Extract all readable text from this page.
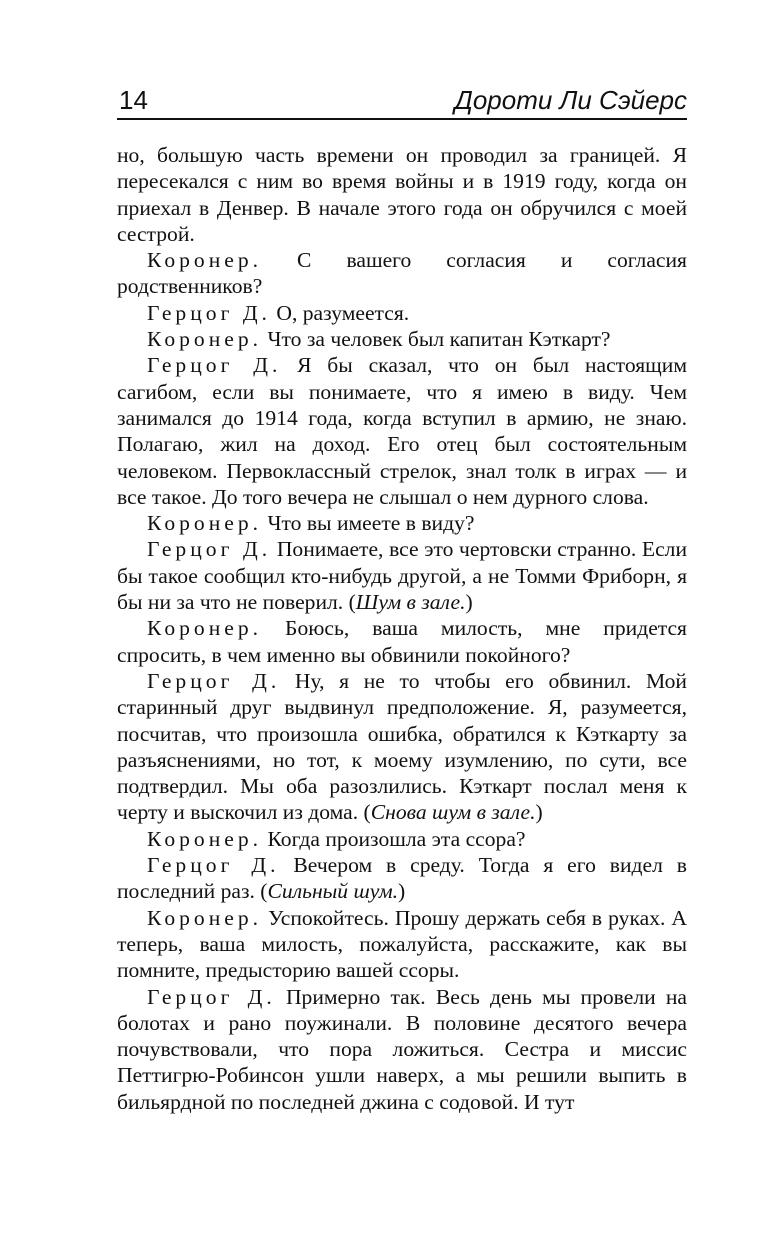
14	Дороти Ли Сэйерс

но, большую часть времени он проводил за границей. Я пересекался с ним во время войны и в 1919 году, когда он приехал в Денвер. В начале этого года он обручился с моей сестрой.

Коронер. С вашего согласия и согласия родственников?

Герцог Д. О, разумеется.

Коронер. Что за человек был капитан Кэткарт?

Герцог Д. Я бы сказал, что он был настоящим сагибом, если вы понимаете, что я имею в виду. Чем занимался до 1914 года, когда вступил в армию, не знаю. Полагаю, жил на доход. Его отец был состоятельным человеком. Первоклассный стрелок, знал толк в играх — и все такое. До того вечера не слышал о нем дурного слова.

Коронер. Что вы имеете в виду?

Герцог Д. Понимаете, все это чертовски странно. Если бы такое сообщил кто-нибудь другой, а не Томми Фриборн, я бы ни за что не поверил. (Шум в зале.)

Коронер. Боюсь, ваша милость, мне придется спросить, в чем именно вы обвинили покойного?

Герцог Д. Ну, я не то чтобы его обвинил. Мой старинный друг выдвинул предположение. Я, разумеется, посчитав, что произошла ошибка, обратился к Кэткарту за разъяснениями, но тот, к моему изумлению, по сути, все подтвердил. Мы оба разозлились. Кэткарт послал меня к черту и выскочил из дома. (Снова шум в зале.)

Коронер. Когда произошла эта ссора?

Герцог Д. Вечером в среду. Тогда я его видел в последний раз. (Сильный шум.)

Коронер. Успокойтесь. Прошу держать себя в руках. А теперь, ваша милость, пожалуйста, расскажите, как вы помните, предысторию вашей ссоры.

Герцог Д. Примерно так. Весь день мы провели на болотах и рано поужинали. В половине десятого вечера почувствовали, что пора ложиться. Сестра и миссис Петтигрю-Робинсон ушли наверх, а мы решили выпить в бильярдной по последней джина с содовой. И тут
